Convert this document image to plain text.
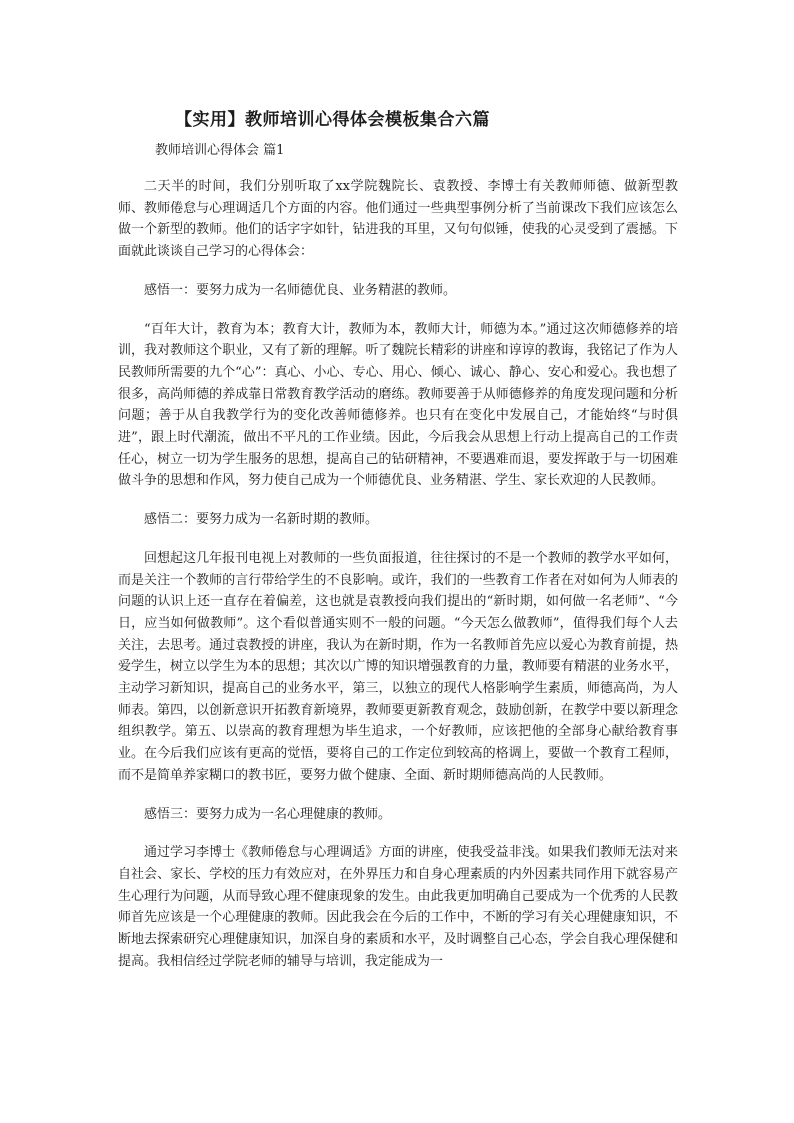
【实用】教师培训心得体会模板集合六篇
教师培训心得体会 篇1

二天半的时间，我们分别听取了xx学院魏院长、袁教授、李博士有关教师师德、做新型教师、教师倦怠与心理调适几个方面的内容。他们通过一些典型事例分析了当前课改下我们应该怎么做一个新型的教师。他们的话字字如针，钻进我的耳里，又句句似锤，使我的心灵受到了震撼。下面就此谈谈自己学习的心得体会：

感悟一：要努力成为一名师德优良、业务精湛的教师。

“百年大计，教育为本；教育大计，教师为本，教师大计，师德为本。”通过这次师德修养的培训，我对教师这个职业，又有了新的理解。听了魏院长精彩的讲座和谆谆的教诲，我铭记了作为人民教师所需要的九个“心”：真心、小心、专心、用心、倾心、诚心、静心、安心和爱心。我也想了很多，高尚师德的养成靠日常教育教学活动的磨练。教师要善于从师德修养的角度发现问题和分析问题；善于从自我教学行为的变化改善师德修养。也只有在变化中发展自己，才能始终“与时俱进”，跟上时代潮流，做出不平凡的工作业绩。因此，今后我会从思想上行动上提高自己的工作责任心，树立一切为学生服务的思想，提高自己的钻研精神，不要遇难而退，要发挥敢于与一切困难做斗争的思想和作风，努力使自己成为一个师德优良、业务精湛、学生、家长欢迎的人民教师。

感悟二：要努力成为一名新时期的教师。

回想起这几年报刊电视上对教师的一些负面报道，往往探讨的不是一个教师的教学水平如何，而是关注一个教师的言行带给学生的不良影响。或许，我们的一些教育工作者在对如何为人师表的问题的认识上还一直存在着偏差，这也就是袁教授向我们提出的“新时期，如何做一名老师”、“今日，应当如何做教师”。这个看似普通实则不一般的问题。“今天怎么做教师”，值得我们每个人去关注，去思考。通过袁教授的讲座，我认为在新时期，作为一名教师首先应以爱心为教育前提，热爱学生，树立以学生为本的思想；其次以广博的知识增强教育的力量，教师要有精湛的业务水平，主动学习新知识，提高自己的业务水平，第三，以独立的现代人格影响学生素质，师德高尚，为人师表。第四，以创新意识开拓教育新境界，教师要更新教育观念，鼓励创新，在教学中要以新理念组织教学。第五、以崇高的教育理想为毕生追求，一个好教师，应该把他的全部身心献给教育事业。在今后我们应该有更高的觉悟，要将自己的工作定位到较高的格调上，要做一个教育工程师，而不是简单养家糊口的教书匠，要努力做个健康、全面、新时期师德高尚的人民教师。

感悟三：要努力成为一名心理健康的教师。

通过学习李博士《教师倦怠与心理调适》方面的讲座，使我受益非浅。如果我们教师无法对来自社会、家长、学校的压力有效应对，在外界压力和自身心理素质的内外因素共同作用下就容易产生心理行为问题，从而导致心理不健康现象的发生。由此我更加明确自己要成为一个优秀的人民教师首先应该是一个心理健康的教师。因此我会在今后的工作中，不断的学习有关心理健康知识，不断地去探索研究心理健康知识，加深自身的素质和水平，及时调整自己心态，学会自我心理保健和提高。我相信经过学院老师的辅导与培训，我定能成为一
